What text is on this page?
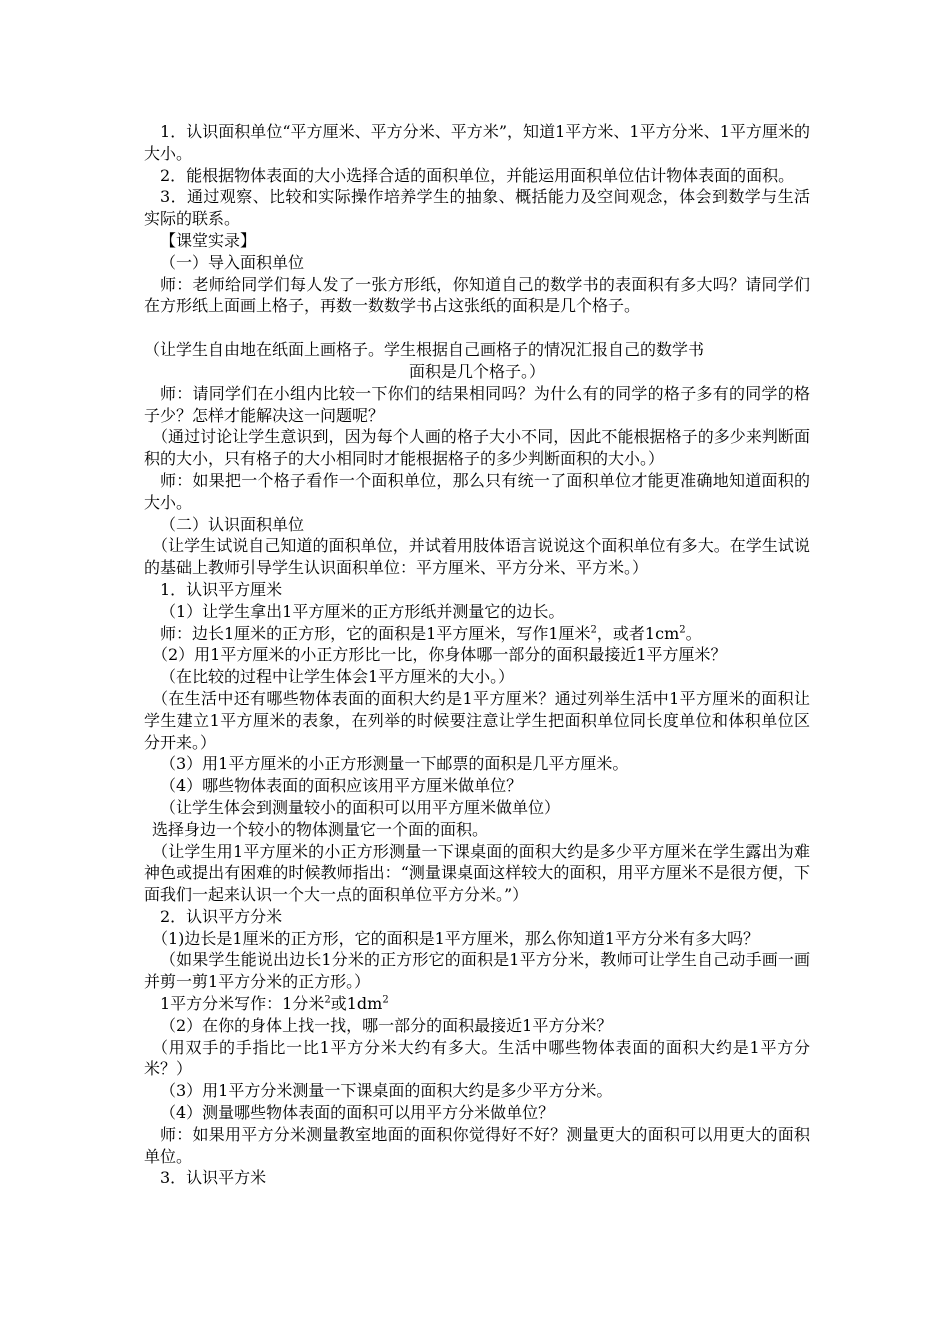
1．认识面积单位“平方厘米、平方分米、平方米”，知道1平方米、1平方分米、1平方厘米的大小。

2．能根据物体表面的大小选择合适的面积单位，并能运用面积单位估计物体表面的面积。

3．通过观察、比较和实际操作培养学生的抽象、概括能力及空间观念，体会到数学与生活实际的联系。

【课堂实录】

（一）导入面积单位

师：老师给同学们每人发了一张方形纸，你知道自己的数学书的表面积有多大吗？请同学们在方形纸上面画上格子，再数一数数学书占这张纸的面积是几个格子。

（让学生自由地在纸面上画格子。学生根据自己画格子的情况汇报自己的数学书

面积是几个格子。）

师：请同学们在小组内比较一下你们的结果相同吗？为什么有的同学的格子多有的同学的格子少？怎样才能解决这一问题呢？

（通过讨论让学生意识到，因为每个人画的格子大小不同，因此不能根据格子的多少来判断面积的大小，只有格子的大小相同时才能根据格子的多少判断面积的大小。）

师：如果把一个格子看作一个面积单位，那么只有统一了面积单位才能更准确地知道面积的大小。

（二）认识面积单位

（让学生试说自己知道的面积单位，并试着用肢体语言说说这个面积单位有多大。在学生试说的基础上教师引导学生认识面积单位：平方厘米、平方分米、平方米。）

1．认识平方厘米

（1）让学生拿出1平方厘米的正方形纸并测量它的边长。

师：边长1厘米的正方形，它的面积是1平方厘米，写作1厘米$^2$，或者$1cm^2$。

（2）用1平方厘米的小正方形比一比，你身体哪一部分的面积最接近1平方厘米？

（在比较的过程中让学生体会1平方厘米的大小。）

（在生活中还有哪些物体表面的面积大约是1平方厘米？通过列举生活中1平方厘米的面积让学生建立1平方厘米的表象，在列举的时候要注意让学生把面积单位同长度单位和体积单位区分开来。）

（3）用1平方厘米的小正方形测量一下邮票的面积是几平方厘米。

（4）哪些物体表面的面积应该用平方厘米做单位？

（让学生体会到测量较小的面积可以用平方厘米做单位）

选择身边一个较小的物体测量它一个面的面积。

（让学生用1平方厘米的小正方形测量一下课桌面的面积大约是多少平方厘米在学生露出为难神色或提出有困难的时候教师指出：“测量课桌面这样较大的面积，用平方厘米不是很方便，下面我们一起来认识一个大一点的面积单位平方分米。”）

2．认识平方分米

（1)边长是1厘米的正方形，它的面积是1平方厘米，那么你知道1平方分米有多大吗？

（如果学生能说出边长1分米的正方形它的面积是1平方分米，教师可让学生自己动手画一画并剪一剪1平方分米的正方形。）

1平方分米写作：1分米$^2$或$1dm^2$

（2）在你的身体上找一找，哪一部分的面积最接近1平方分米？

（用双手的手指比一比1平方分米大约有多大。生活中哪些物体表面的面积大约是1平方分米？）

（3）用1平方分米测量一下课桌面的面积大约是多少平方分米。

（4）测量哪些物体表面的面积可以用平方分米做单位？

师：如果用平方分米测量教室地面的面积你觉得好不好？测量更大的面积可以用更大的面积单位。

3．认识平方米
